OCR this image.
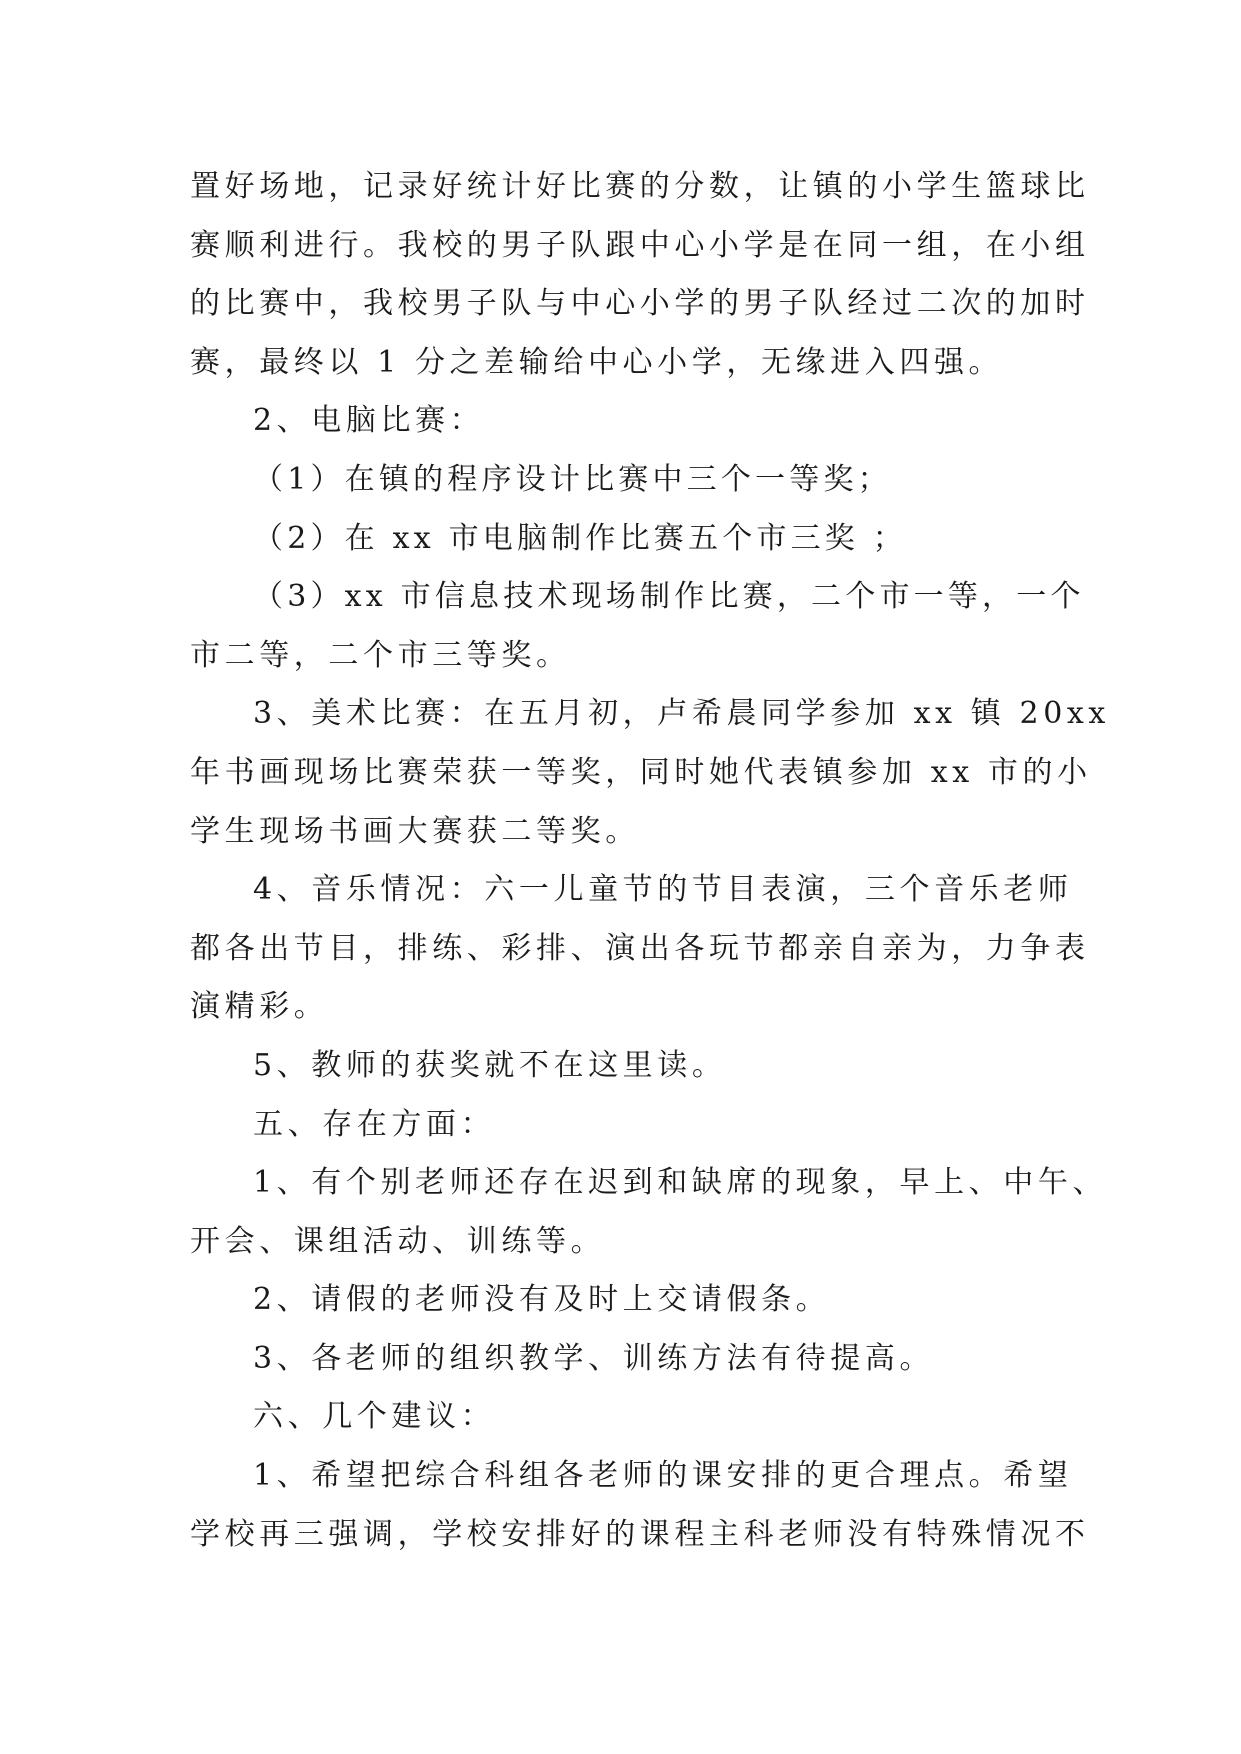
置好场地，记录好统计好比赛的分数，让镇的小学生篮球比
赛顺利进行。我校的男子队跟中心小学是在同一组，在小组
的比赛中，我校男子队与中心小学的男子队经过二次的加时
赛，最终以 1 分之差输给中心小学，无缘进入四强。
2、电脑比赛：
（1）在镇的程序设计比赛中三个一等奖；
（2）在 xx 市电脑制作比赛五个市三奖 ；
（3）xx 市信息技术现场制作比赛，二个市一等，一个
市二等，二个市三等奖。
3、美术比赛：在五月初，卢希晨同学参加 xx 镇 20xx
年书画现场比赛荣获一等奖，同时她代表镇参加 xx 市的小
学生现场书画大赛获二等奖。
4、音乐情况：六一儿童节的节目表演，三个音乐老师
都各出节目，排练、彩排、演出各玩节都亲自亲为，力争表
演精彩。
5、教师的获奖就不在这里读。
五、存在方面：
1、有个别老师还存在迟到和缺席的现象，早上、中午、
开会、课组活动、训练等。
2、请假的老师没有及时上交请假条。
3、各老师的组织教学、训练方法有待提高。
六、几个建议：
1、希望把综合科组各老师的课安排的更合理点。希望
学校再三强调，学校安排好的课程主科老师没有特殊情况不
